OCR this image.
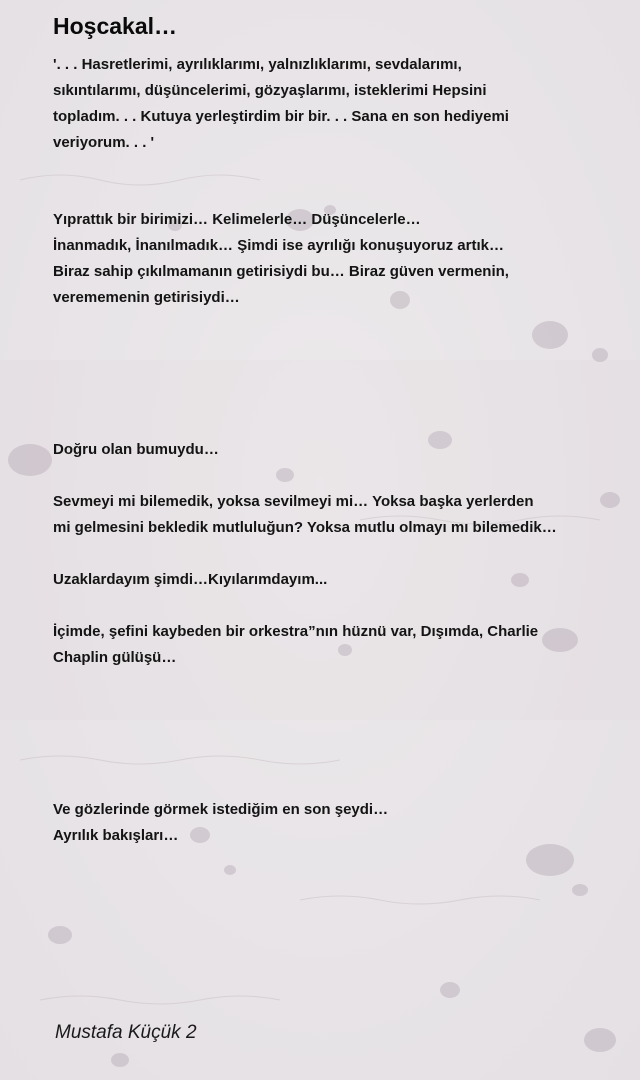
Hoşcakal…

'. . . Hasretlerimi, ayrılıklarımı, yalnızlıklarımı, sevdalarımı,
sıkıntılarımı, düşüncelerimi, gözyaşlarımı, isteklerimi Hepsini
topladım. . . Kutuya yerleştirdim bir bir. . . Sana en son hediyemi
veriyorum. . . '

Yıprattık bir birimizi… Kelimelerle… Düşüncelerle…
İnanmadık, İnanılmadık… Şimdi ise ayrılığı konuşuyoruz artık…
Biraz sahip çıkılmamanın getirisiydi bu… Biraz güven vermenin,
verememenin getirisiydi…

Doğru olan bumuydu…

Sevmeyi mi bilemedik, yoksa sevilmeyi mi… Yoksa başka yerlerden
mi gelmesini bekledik mutluluğun? Yoksa mutlu olmayı mı bilemedik…

Uzaklardayım şimdi…Kıyılarımdayım...

İçimde, şefini kaybeden bir orkestra”nın hüznü var, Dışımda, Charlie
Chaplin gülüşü…

Ve gözlerinde görmek istediğim en son şeydi…
Ayrılık bakışları…

Mustafa Küçük 2
